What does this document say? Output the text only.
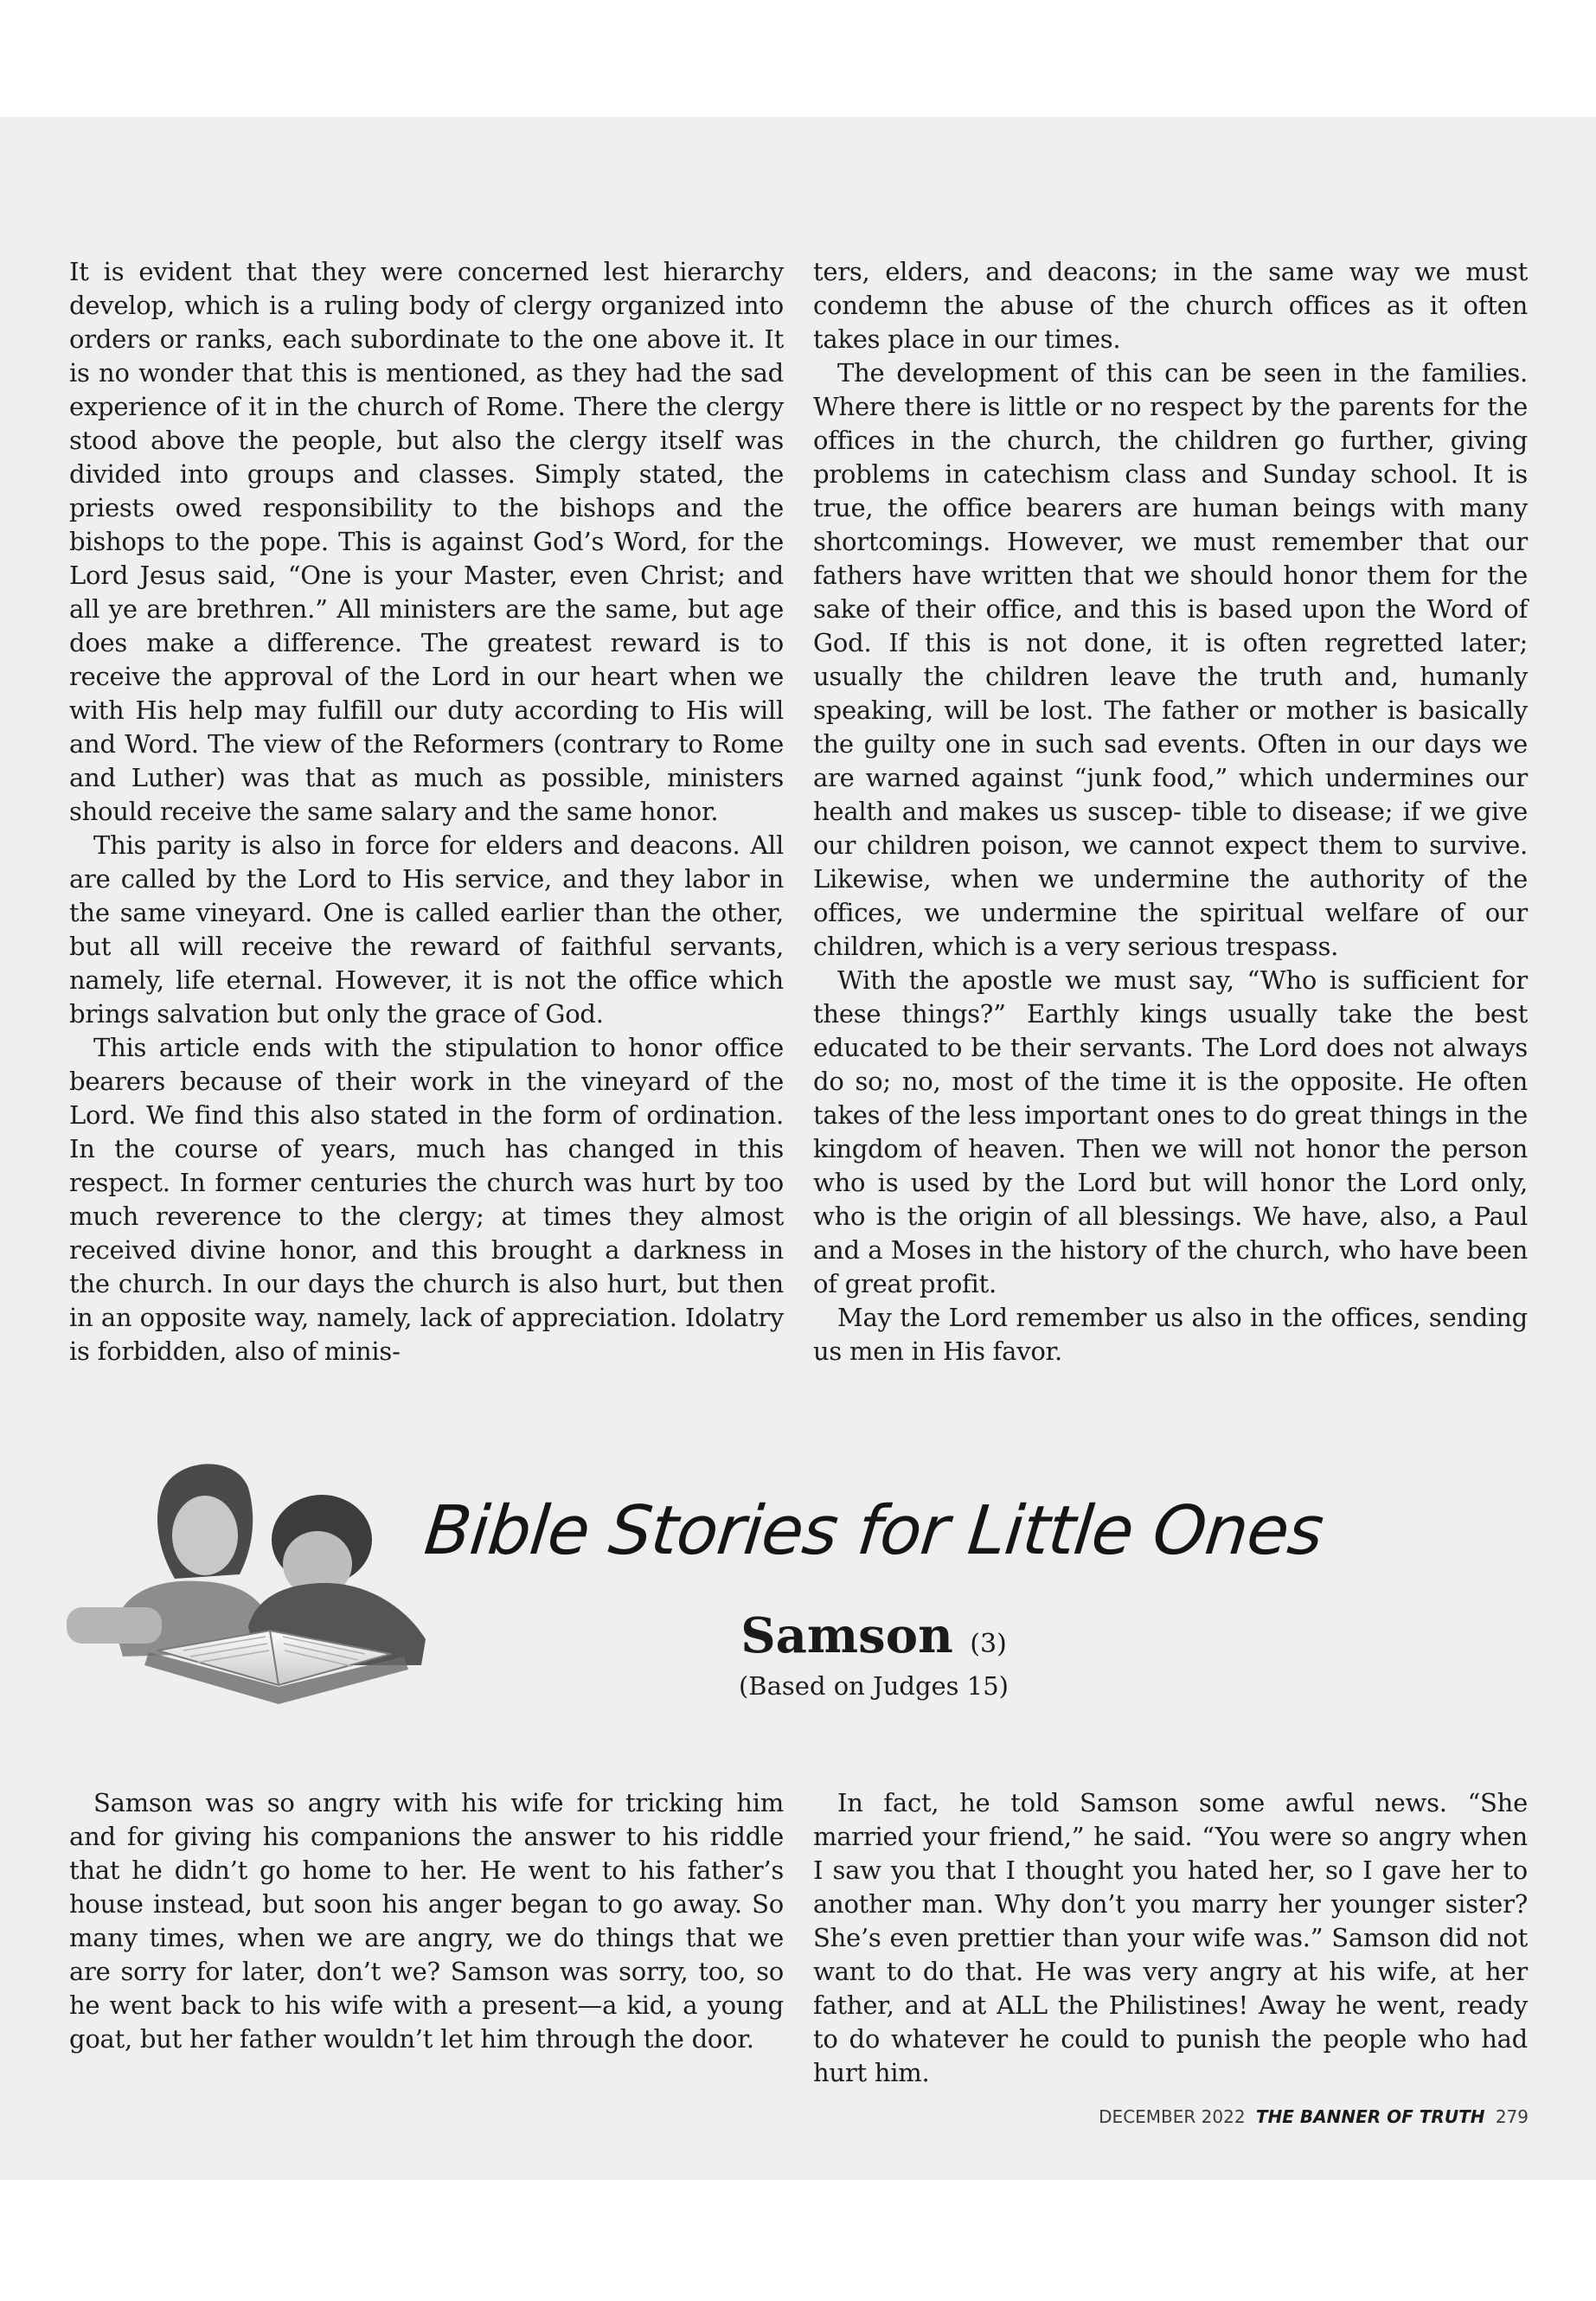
It is evident that they were concerned lest hierarchy develop, which is a ruling body of clergy organized into orders or ranks, each subordinate to the one above it. It is no wonder that this is mentioned, as they had the sad experience of it in the church of Rome. There the clergy stood above the people, but also the clergy itself was divided into groups and classes. Simply stated, the priests owed responsibility to the bishops and the bishops to the pope. This is against God’s Word, for the Lord Jesus said, “One is your Master, even Christ; and all ye are brethren.” All ministers are the same, but age does make a difference. The greatest reward is to receive the approval of the Lord in our heart when we with His help may fulfill our duty according to His will and Word. The view of the Reformers (contrary to Rome and Luther) was that as much as possible, ministers should receive the same salary and the same honor.

This parity is also in force for elders and deacons. All are called by the Lord to His service, and they labor in the same vineyard. One is called earlier than the other, but all will receive the reward of faithful servants, namely, life eternal. However, it is not the office which brings salvation but only the grace of God.

This article ends with the stipulation to honor office bearers because of their work in the vineyard of the Lord. We find this also stated in the form of ordination. In the course of years, much has changed in this respect. In former centuries the church was hurt by too much reverence to the clergy; at times they almost received divine honor, and this brought a darkness in the church. In our days the church is also hurt, but then in an opposite way, namely, lack of appreciation. Idolatry is forbidden, also of minis-

ters, elders, and deacons; in the same way we must condemn the abuse of the church offices as it often takes place in our times.

The development of this can be seen in the families. Where there is little or no respect by the parents for the offices in the church, the children go further, giving problems in catechism class and Sunday school. It is true, the office bearers are human beings with many shortcomings. However, we must remember that our fathers have written that we should honor them for the sake of their office, and this is based upon the Word of God. If this is not done, it is often regretted later; usually the children leave the truth and, humanly speaking, will be lost. The father or mother is basically the guilty one in such sad events. Often in our days we are warned against “junk food,” which undermines our health and makes us suscep- tible to disease; if we give our children poison, we cannot expect them to survive. Likewise, when we undermine the authority of the offices, we undermine the spiritual welfare of our children, which is a very serious trespass.

With the apostle we must say, “Who is sufficient for these things?” Earthly kings usually take the best educated to be their servants. The Lord does not always do so; no, most of the time it is the opposite. He often takes of the less important ones to do great things in the kingdom of heaven. Then we will not honor the person who is used by the Lord but will honor the Lord only, who is the origin of all blessings. We have, also, a Paul and a Moses in the history of the church, who have been of great profit.

May the Lord remember us also in the offices, sending us men in His favor.

Bible Stories for Little Ones
Samson (3)
(Based on Judges 15)

Samson was so angry with his wife for tricking him and for giving his companions the answer to his riddle that he didn’t go home to her. He went to his father’s house instead, but soon his anger began to go away. So many times, when we are angry, we do things that we are sorry for later, don’t we? Samson was sorry, too, so he went back to his wife with a present—a kid, a young goat, but her father wouldn’t let him through the door.

In fact, he told Samson some awful news. “She married your friend,” he said. “You were so angry when I saw you that I thought you hated her, so I gave her to another man. Why don’t you marry her younger sister? She’s even prettier than your wife was.” Samson did not want to do that. He was very angry at his wife, at her father, and at ALL the Philistines! Away he went, ready to do whatever he could to punish the people who had hurt him.

DECEMBER 2022 THE BANNER OF TRUTH 279
